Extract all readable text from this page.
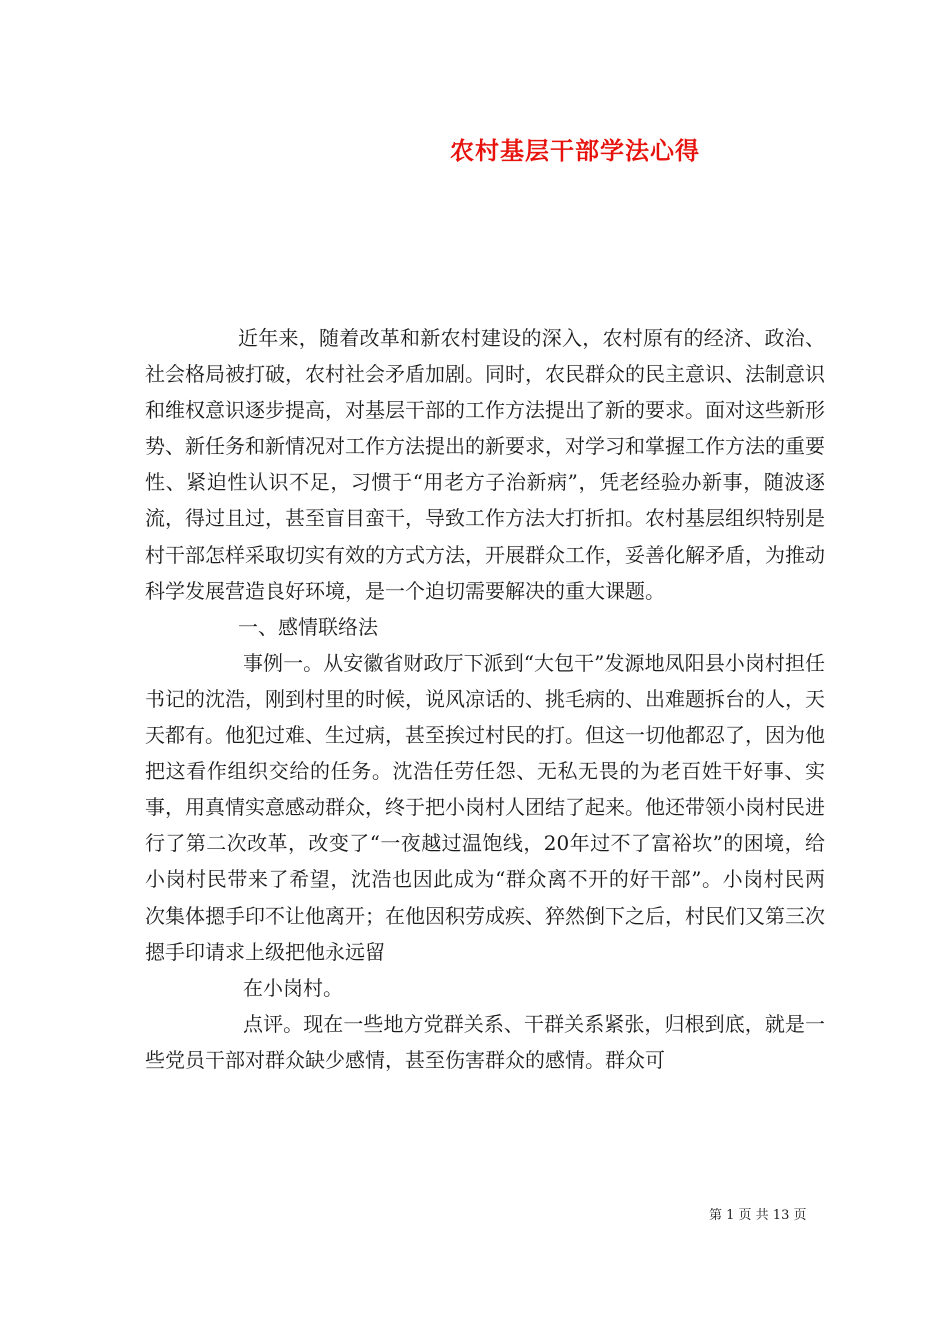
农村基层干部学法心得

近年来，随着改革和新农村建设的深入，农村原有的经济、政治、社会格局被打破，农村社会矛盾加剧。同时，农民群众的民主意识、法制意识和维权意识逐步提高，对基层干部的工作方法提出了新的要求。面对这些新形势、新任务和新情况对工作方法提出的新要求，对学习和掌握工作方法的重要性、紧迫性认识不足，习惯于“用老方子治新病”，凭老经验办新事，随波逐流，得过且过，甚至盲目蛮干，导致工作方法大打折扣。农村基层组织特别是村干部怎样采取切实有效的方式方法，开展群众工作，妥善化解矛盾，为推动科学发展营造良好环境，是一个迫切需要解决的重大课题。

一、感情联络法

事例一。从安徽省财政厅下派到“大包干”发源地凤阳县小岗村担任书记的沈浩，刚到村里的时候，说风凉话的、挑毛病的、出难题拆台的人，天天都有。他犯过难、生过病，甚至挨过村民的打。但这一切他都忍了，因为他把这看作组织交给的任务。沈浩任劳任怨、无私无畏的为老百姓干好事、实事，用真情实意感动群众，终于把小岗村人团结了起来。他还带领小岗村民进行了第二次改革，改变了“一夜越过温饱线，20年过不了富裕坎”的困境，给小岗村民带来了希望，沈浩也因此成为“群众离不开的好干部”。小岗村民两次集体摁手印不让他离开；在他因积劳成疾、猝然倒下之后，村民们又第三次摁手印请求上级把他永远留

在小岗村。

点评。现在一些地方党群关系、干群关系紧张，归根到底，就是一些党员干部对群众缺少感情，甚至伤害群众的感情。群众可

第 1 页 共 13 页
